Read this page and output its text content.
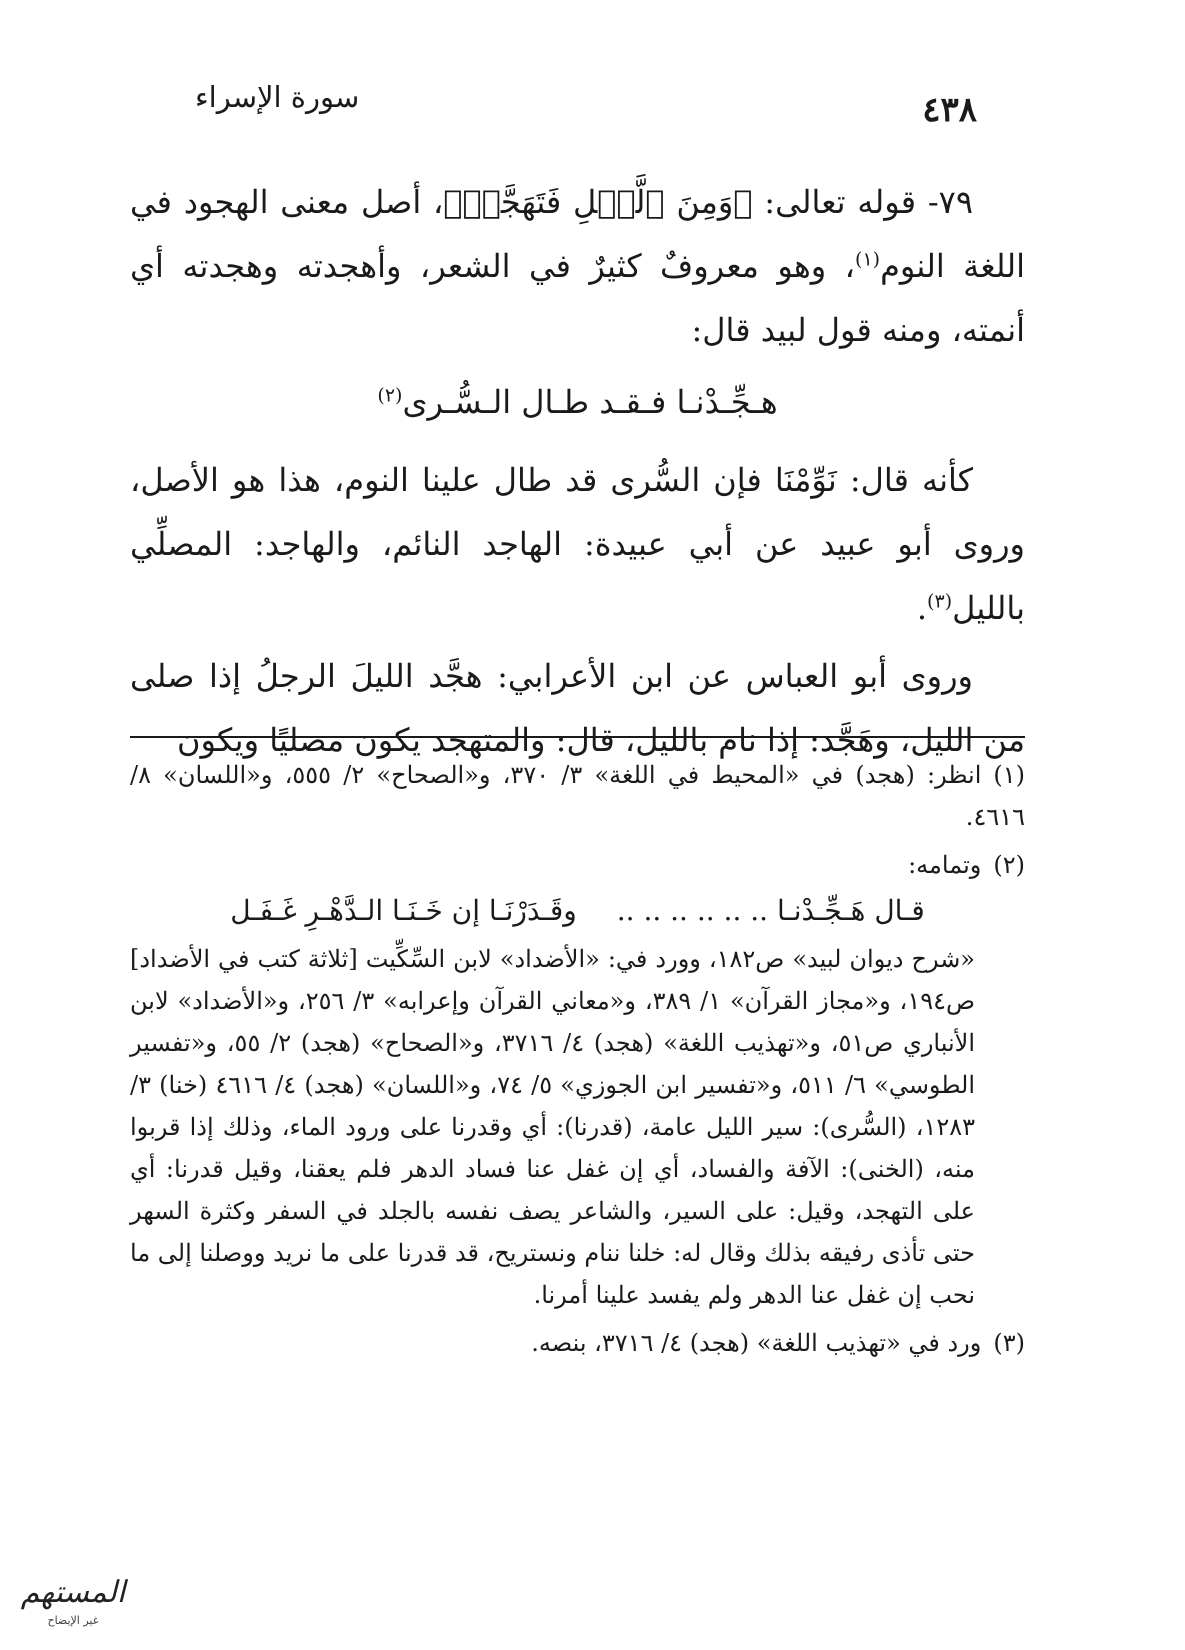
سورة الإسراء	٤٣٨

٧٩- قوله تعالى: ﴿وَمِنَ ٱلَّيۡلِ فَتَهَجَّدۡ﴾، أصل معنى الهجود في اللغة النوم$^{(١)}$، وهو معروفٌ كثيرٌ في الشعر، وأهجدته وهجدته أي أنمته، ومنه قول لبيد قال:

هـجِّـدْنـا فـقـد طـال الـسُّـرى$^{(٢)}$

كأنه قال: نَوِّمْنَا فإن السُّرى قد طال علينا النوم، هذا هو الأصل، وروى أبو عبيد عن أبي عبيدة: الهاجد النائم، والهاجد: المصلِّي بالليل$^{(٣)}$.

وروى أبو العباس عن ابن الأعرابي: هجَّد الليلَ الرجلُ إذا صلى من الليل، وهَجَّد: إذا نام بالليل، قال: والمتهجد يكون مصليًا ويكون

(١)انظر: (هجد) في «المحيط في اللغة» ٣/ ٣٧٠، و«الصحاح» ٢/ ٥٥٥، و«اللسان» ٨/ ٤٦١٦.
(٢)وتمامه:
قـال هَـجِّـدْنـا .. .. .. .. .. ..وقَـدَرْنَـا إن خَـنَـا الـدَّهْـرِ غَـفَـل
«شرح ديوان لبيد» ص١٨٢، وورد في: «الأضداد» لابن السِّكِّيت [ثلاثة كتب في الأضداد] ص١٩٤، و«مجاز القرآن» ١/ ٣٨٩، و«معاني القرآن وإعرابه» ٣/ ٢٥٦، و«الأضداد» لابن الأنباري ص٥١، و«تهذيب اللغة» (هجد) ٤/ ٣٧١٦، و«الصحاح» (هجد) ٢/ ٥٥، و«تفسير الطوسي» ٦/ ٥١١، و«تفسير ابن الجوزي» ٥/ ٧٤، و«اللسان» (هجد) ٤/ ٤٦١٦ (خنا) ٣/ ١٢٨٣، (السُّرى): سير الليل عامة، (قدرنا): أي وقدرنا على ورود الماء، وذلك إذا قربوا منه، (الخنى): الآفة والفساد، أي إن غفل عنا فساد الدهر فلم يعقنا، وقيل قدرنا: أي على التهجد، وقيل: على السير، والشاعر يصف نفسه بالجلد في السفر وكثرة السهر حتى تأذى رفيقه بذلك وقال له: خلنا ننام ونستريح، قد قدرنا على ما نريد ووصلنا إلى ما نحب إن غفل عنا الدهر ولم يفسد علينا أمرنا.
(٣)ورد في «تهذيب اللغة» (هجد) ٤/ ٣٧١٦، بنصه.
المستهم
غير الإيضاح
